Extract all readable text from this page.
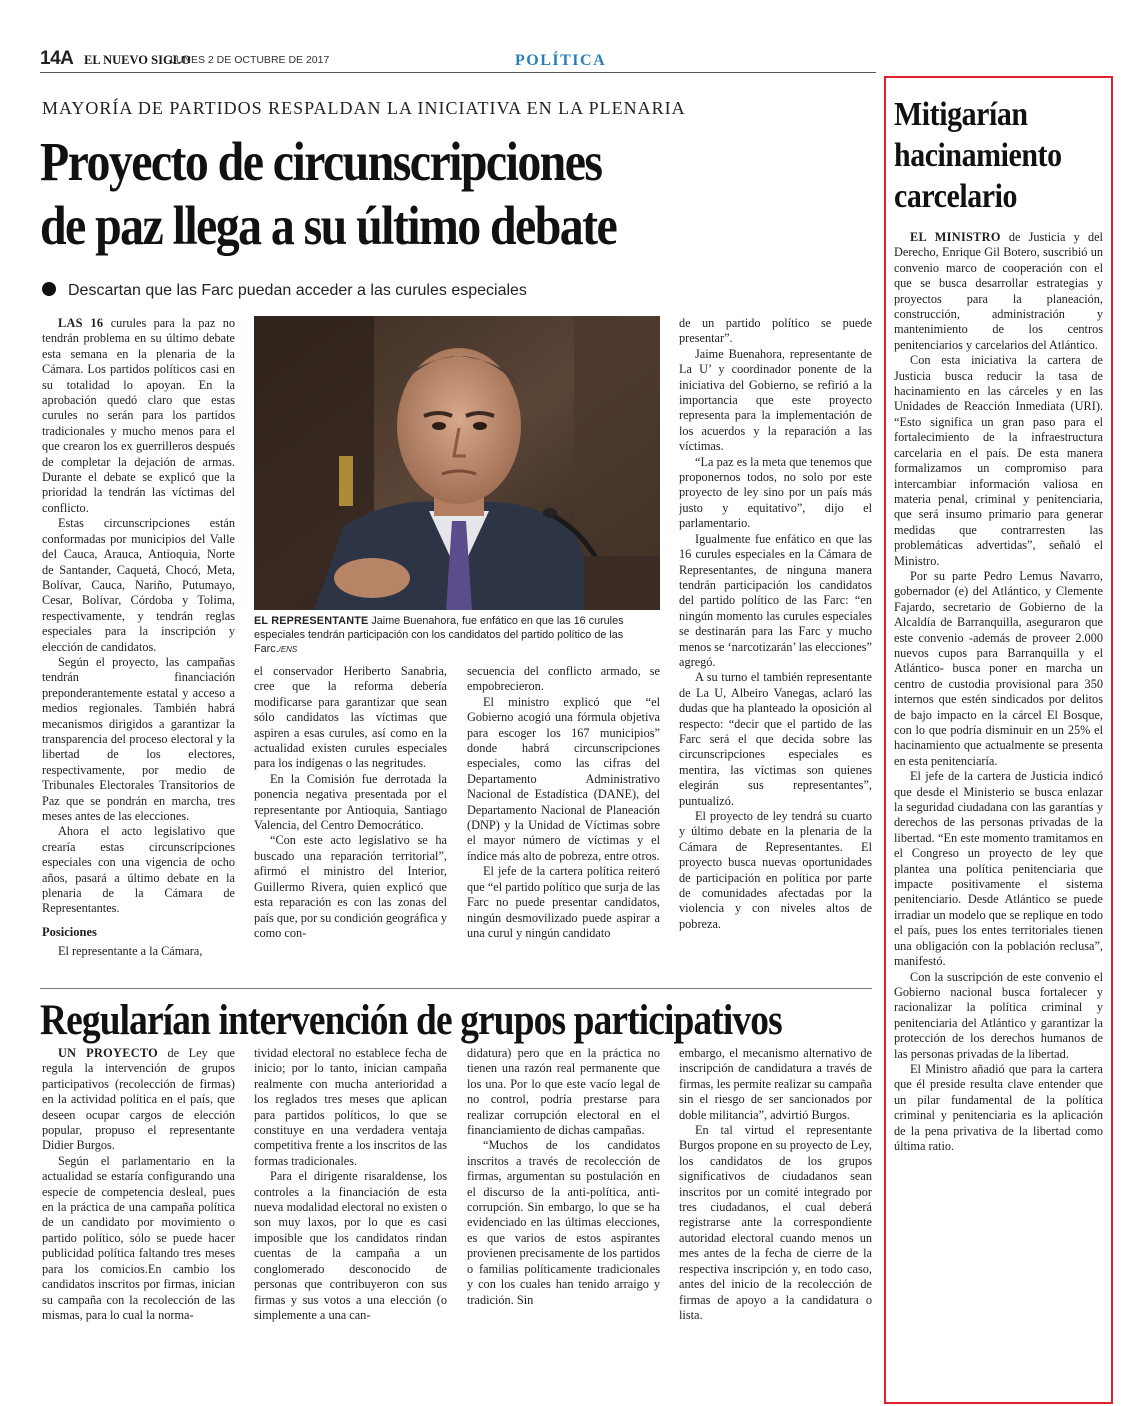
14A EL NUEVO SIGLO
LUNES 2 DE OCTUBRE DE 2017	POLÍTICA
MAYORÍA DE PARTIDOS RESPALDAN LA INICIATIVA EN LA PLENARIA
Proyecto de circunscripciones
de paz llega a su último debate
Descartan que las Farc puedan acceder a las curules especiales

LAS 16 curules para la paz no tendrán problema en su último debate esta semana en la plenaria de la Cámara. Los partidos políticos casi en su totalidad lo apoyan. En la aprobación quedó claro que estas curules no serán para los partidos tradicionales y mucho menos para el que crearon los ex guerrilleros después de completar la dejación de armas. Durante el debate se explicó que la prioridad la tendrán las víctimas del conflicto.

Estas circunscripciones están conformadas por municipios del Valle del Cauca, Arauca, Antioquia, Norte de Santander, Caquetá, Chocó, Meta, Bolívar, Cauca, Nariño, Putumayo, Cesar, Bolívar, Córdoba y Tolima, respectivamente, y tendrán reglas especiales para la inscripción y elección de candidatos.

Según el proyecto, las campañas tendrán financiación preponderantemente estatal y acceso a medios regionales. También habrá mecanismos dirigidos a garantizar la transparencia del proceso electoral y la libertad de los electores, respectivamente, por medio de Tribunales Electorales Transitorios de Paz que se pondrán en marcha, tres meses antes de las elecciones.

Ahora el acto legislativo que crearía estas circunscripciones especiales con una vigencia de ocho años, pasará a último debate en la plenaria de la Cámara de Representantes.

Posiciones

El representante a la Cámara,

EL REPRESENTANTE Jaime Buenahora, fue enfático en que las 16 curules especiales tendrán participación con los candidatos del partido político de las Farc./ENS

el conservador Heriberto Sanabria, cree que la reforma debería modificarse para garantizar que sean sólo candidatos las víctimas que aspiren a esas curules, así como en la actualidad existen curules especiales para los indígenas o las negritudes.

En la Comisión fue derrotada la ponencia negativa presentada por el representante por Antioquia, Santiago Valencia, del Centro Democrático.

“Con este acto legislativo se ha buscado una reparación territorial”, afirmó el ministro del Interior, Guillermo Rivera, quien explicó que esta reparación es con las zonas del país que, por su condición geográfica y como con-

secuencia del conflicto armado, se empobrecieron.

El ministro explicó que “el Gobierno acogió una fórmula objetiva para escoger los 167 municipios” donde habrá circunscripciones especiales, como las cifras del Departamento Administrativo Nacional de Estadística (DANE), del Departamento Nacional de Planeación (DNP) y la Unidad de Víctimas sobre el mayor número de víctimas y el índice más alto de pobreza, entre otros.

El jefe de la cartera política reiteró que “el partido político que surja de las Farc no puede presentar candidatos, ningún desmovilizado puede aspirar a una curul y ningún candidato

de un partido político se puede presentar”.

Jaime Buenahora, representante de La U’ y coordinador ponente de la iniciativa del Gobierno, se refirió a la importancia que este proyecto representa para la implementación de los acuerdos y la reparación a las víctimas.

“La paz es la meta que tenemos que proponernos todos, no solo por este proyecto de ley sino por un país más justo y equitativo”, dijo el parlamentario.

Igualmente fue enfático en que las 16 curules especiales en la Cámara de Representantes, de ninguna manera tendrán participación los candidatos del partido político de las Farc: “en ningún momento las curules especiales se destinarán para las Farc y mucho menos se ‘narcotizarán’ las elecciones” agregó.

A su turno el también representante de La U, Albeiro Vanegas, aclaró las dudas que ha planteado la oposición al respecto: “decir que el partido de las Farc será el que decida sobre las circunscripciones especiales es mentira, las víctimas son quienes elegirán sus representantes”, puntualizó.

El proyecto de ley tendrá su cuarto y último debate en la plenaria de la Cámara de Representantes. El proyecto busca nuevas oportunidades de participación en política por parte de comunidades afectadas por la violencia y con niveles altos de pobreza.

Regularían intervención de grupos participativos

UN PROYECTO de Ley que regula la intervención de grupos participativos (recolección de firmas) en la actividad política en el país, que deseen ocupar cargos de elección popular, propuso el representante Didier Burgos.

Según el parlamentario en la actualidad se estaría configurando una especie de competencia desleal, pues en la práctica de una campaña política de un candidato por movimiento o partido político, sólo se puede hacer publicidad política faltando tres meses para los comicios.En cambio los candidatos inscritos por firmas, inician su campaña con la recolección de las mismas, para lo cual la norma-

tividad electoral no establece fecha de inicio; por lo tanto, inician campaña realmente con mucha anterioridad a los reglados tres meses que aplican para partidos políticos, lo que se constituye en una verdadera ventaja competitiva frente a los inscritos de las formas tradicionales.

Para el dirigente risaraldense, los controles a la financiación de esta nueva modalidad electoral no existen o son muy laxos, por lo que es casi imposible que los candidatos rindan cuentas de la campaña a un conglomerado desconocido de personas que contribuyeron con sus firmas y sus votos a una elección (o simplemente a una can-

didatura) pero que en la práctica no tienen una razón real permanente que los una. Por lo que este vacío legal de no control, podría prestarse para realizar corrupción electoral en el financiamiento de dichas campañas.

“Muchos de los candidatos inscritos a través de recolección de firmas, argumentan su postulación en el discurso de la anti-política, anti-corrupción. Sin embargo, lo que se ha evidenciado en las últimas elecciones, es que varios de estos aspirantes provienen precisamente de los partidos o familias políticamente tradicionales y con los cuales han tenido arraigo y tradición. Sin

embargo, el mecanismo alternativo de inscripción de candidatura a través de firmas, les permite realizar su campaña sin el riesgo de ser sancionados por doble militancia”, advirtió Burgos.

En tal virtud el representante Burgos propone en su proyecto de Ley, los candidatos de los grupos significativos de ciudadanos sean inscritos por un comité integrado por tres ciudadanos, el cual deberá registrarse ante la correspondiente autoridad electoral cuando menos un mes antes de la fecha de cierre de la respectiva inscripción y, en todo caso, antes del inicio de la recolección de firmas de apoyo a la candidatura o lista.

Mitigarían
hacinamiento
carcelario

EL MINISTRO de Justicia y del Derecho, Enrique Gil Botero, suscribió un convenio marco de cooperación con el que se busca desarrollar estrategias y proyectos para la planeación, construcción, administración y mantenimiento de los centros penitenciarios y carcelarios del Atlántico.

Con esta iniciativa la cartera de Justicia busca reducir la tasa de hacinamiento en las cárceles y en las Unidades de Reacción Inmediata (URI). “Esto significa un gran paso para el fortalecimiento de la infraestructura carcelaria en el país. De esta manera formalizamos un compromiso para intercambiar información valiosa en materia penal, criminal y penitenciaria, que será insumo primario para generar medidas que contrarresten las problemáticas advertidas”, señaló el Ministro.

Por su parte Pedro Lemus Navarro, gobernador (e) del Atlántico, y Clemente Fajardo, secretario de Gobierno de la Alcaldía de Barranquilla, aseguraron que este convenio -además de proveer 2.000 nuevos cupos para Barranquilla y el Atlántico- busca poner en marcha un centro de custodia provisional para 350 internos que estén sindicados por delitos de bajo impacto en la cárcel El Bosque, con lo que podría disminuir en un 25% el hacinamiento que actualmente se presenta en esta penitenciaría.

El jefe de la cartera de Justicia indicó que desde el Ministerio se busca enlazar la seguridad ciudadana con las garantías y derechos de las personas privadas de la libertad. “En este momento tramitamos en el Congreso un proyecto de ley que plantea una política penitenciaria que impacte positivamente el sistema penitenciario. Desde Atlántico se puede irradiar un modelo que se replique en todo el país, pues los entes territoriales tienen una obligación con la población reclusa”, manifestó.

Con la suscripción de este convenio el Gobierno nacional busca fortalecer y racionalizar la política criminal y penitenciaria del Atlántico y garantizar la protección de los derechos humanos de las personas privadas de la libertad.

El Ministro añadió que para la cartera que él preside resulta clave entender que un pilar fundamental de la política criminal y penitenciaria es la aplicación de la pena privativa de la libertad como última ratio.
